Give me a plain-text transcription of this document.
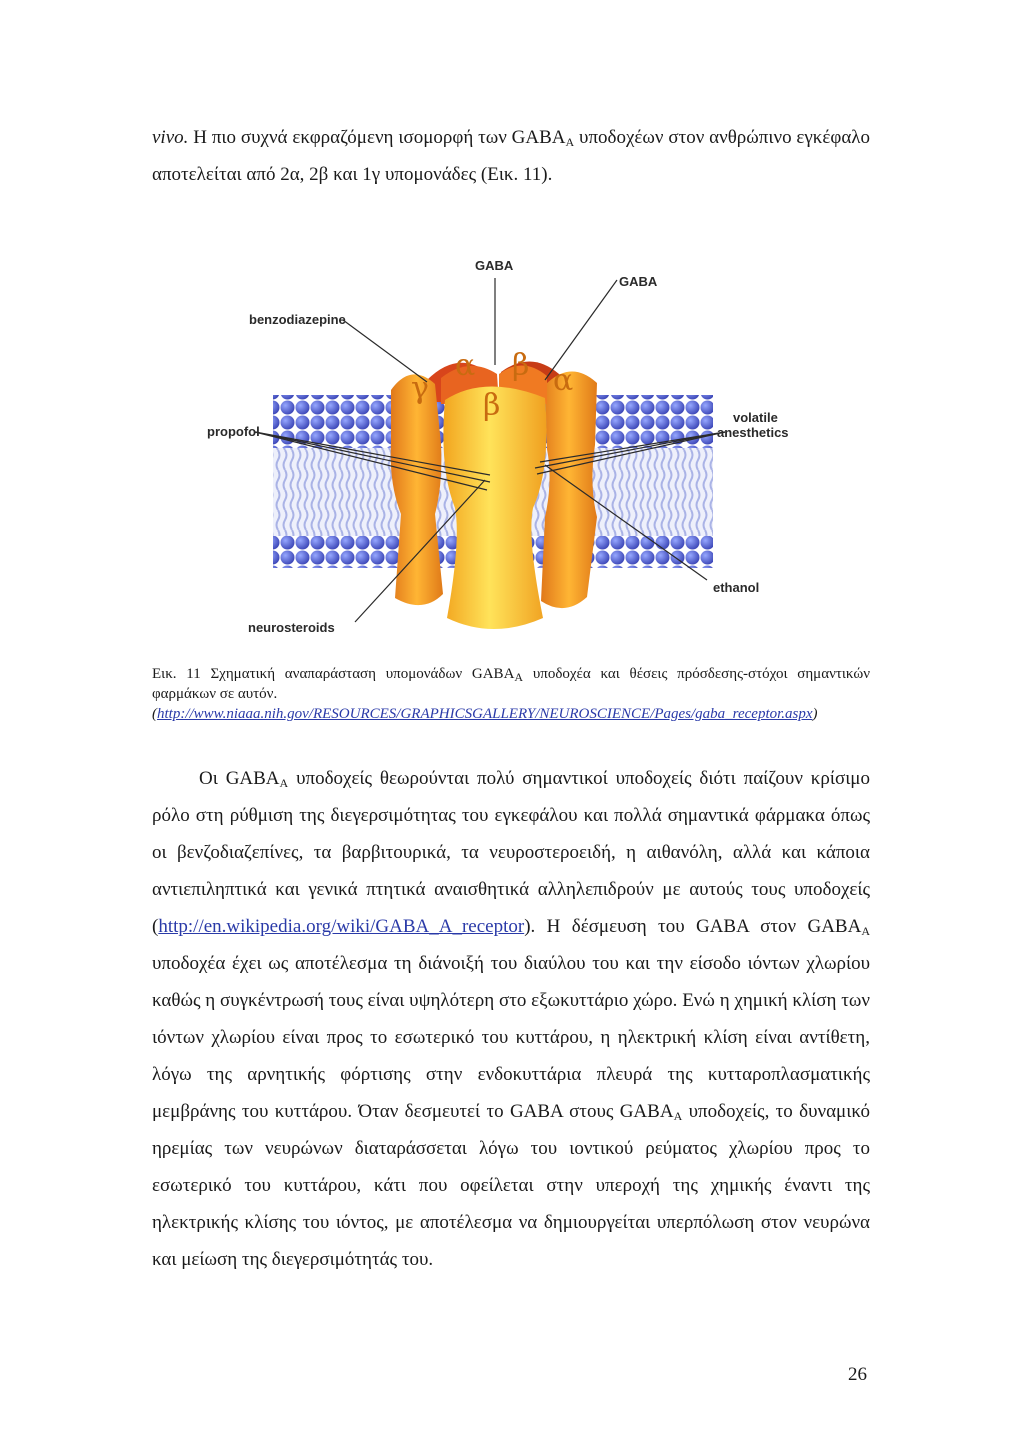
vivo. Η πιο συχνά εκφραζόμενη ισομορφή των $GABA_A$ υποδοχέων στον ανθρώπινο εγκέφαλο αποτελείται από 2α, 2β και 1γ υπομονάδες (Εικ. 11).

α β α
γ β
GABA
GABA
benzodiazepine
propofol
volatile
anesthetics
ethanol
neurosteroids

Εικ. 11 Σχηματική αναπαράσταση υπομονάδων $GABA_A$ υποδοχέα και θέσεις πρόσδεσης-στόχοι σημαντικών φαρμάκων σε αυτόν.
(http://www.niaaa.nih.gov/RESOURCES/GRAPHICSGALLERY/NEUROSCIENCE/Pages/gaba_receptor.aspx)

Οι $GABA_A$ υποδοχείς θεωρούνται πολύ σημαντικοί υποδοχείς διότι παίζουν κρίσιμο ρόλο στη ρύθμιση της διεγερσιμότητας του εγκεφάλου και πολλά σημαντικά φάρμακα όπως οι βενζοδιαζεπίνες, τα βαρβιτουρικά, τα νευροστεροειδή, η αιθανόλη, αλλά και κάποια αντιεπιληπτικά και γενικά πτητικά αναισθητικά αλληλεπιδρούν με αυτούς τους υποδοχείς (http://en.wikipedia.org/wiki/GABA_A_receptor). Η δέσμευση του GABA στον $GABA_A$ υποδοχέα έχει ως αποτέλεσμα τη διάνοιξή του διαύλου του και την είσοδο ιόντων χλωρίου καθώς η συγκέντρωσή τους είναι υψηλότερη στο εξωκυττάριο χώρο. Ενώ η χημική κλίση των ιόντων χλωρίου είναι προς το εσωτερικό του κυττάρου, η ηλεκτρική κλίση είναι αντίθετη, λόγω της αρνητικής φόρτισης στην ενδοκυττάρια πλευρά της κυτταροπλασματικής μεμβράνης του κυττάρου. Όταν δεσμευτεί το GABA στους $GABA_A$ υποδοχείς, το δυναμικό ηρεμίας των νευρώνων διαταράσσεται λόγω του ιοντικού ρεύματος χλωρίου προς το εσωτερικό του κυττάρου, κάτι που οφείλεται στην υπεροχή της χημικής έναντι της ηλεκτρικής κλίσης του ιόντος, με αποτέλεσμα να δημιουργείται υπερπόλωση στον νευρώνα και μείωση της διεγερσιμότητάς του.

26
